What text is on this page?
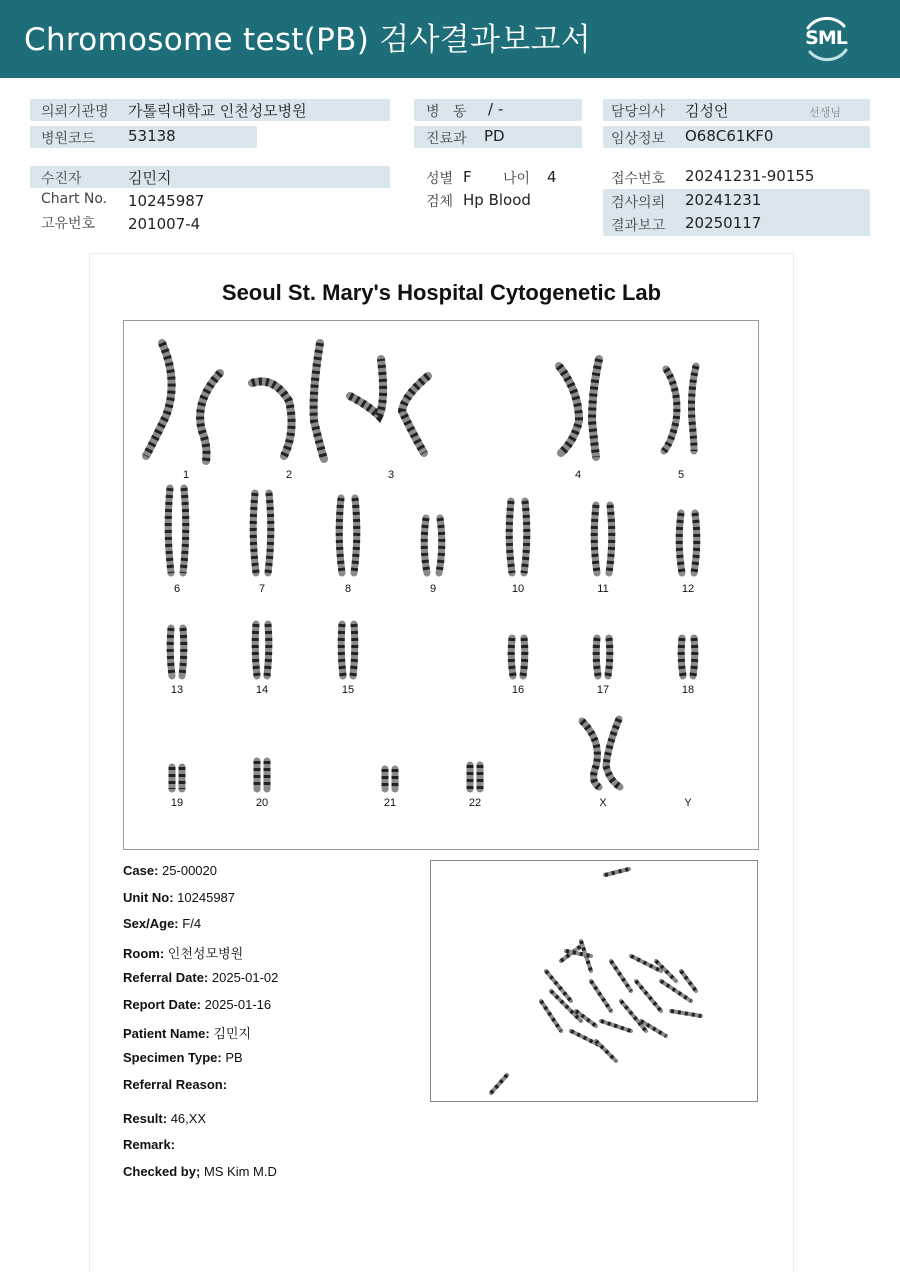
Chromosome test(PB) 검사결과보고서	SML
의뢰기관명 가톨릭대학교 인천성모병원
병원코드 53138
수진자	김민지
Chart No. 10245987
고유번호 201007-4
병   동 / -
진료과 PD
성별 F 나이 4
검체 Hp Blood
담당의사 김성언	선생님
임상정보 O68C61KF0
접수번호 20241231-90155
검사의뢰 20241231
결과보고 20250117
Seoul St. Mary's Hospital Cytogenetic Lab
1	2	3	4	5
6	7	8	9	10	11	12
13	14	15	16	17	18
19	20	21	22	X	Y
Case: 25-00020
Unit No: 10245987
Sex/Age: F/4
Room: 인천성모병원
Referral Date: 2025-01-02
Report Date: 2025-01-16
Patient Name: 김민지
Specimen Type: PB
Referral Reason:
Result: 46,XX
Remark:
Checked by; MS Kim M.D
